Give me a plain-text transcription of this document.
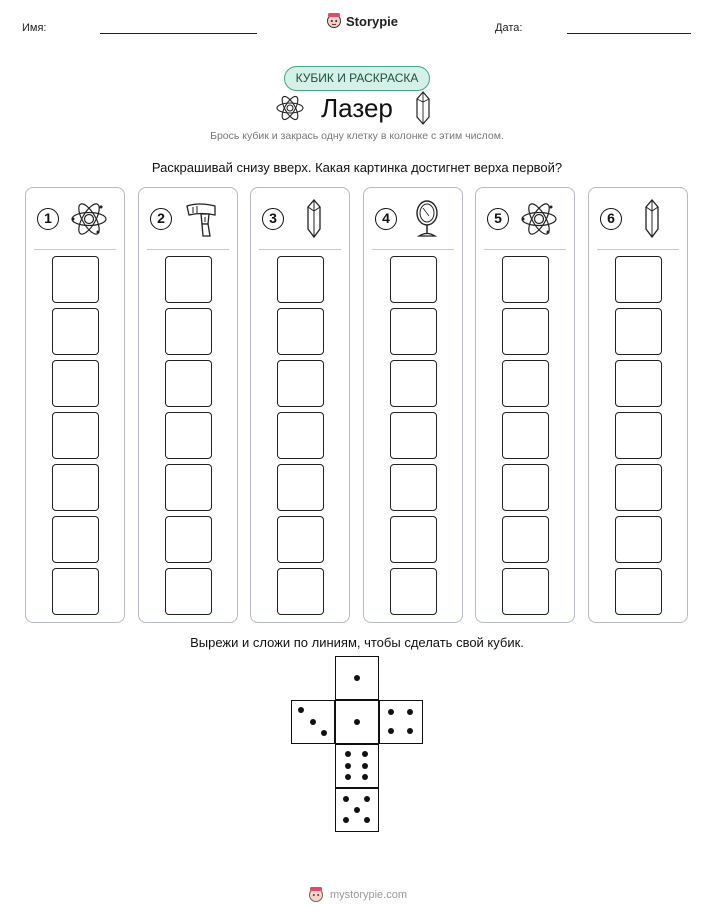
Имя:	Storypie	Дата:
КУБИК И РАСКРАСКА
Лазер
Брось кубик и закрась одну клетку в колонке с этим числом.
Раскрашивай снизу вверх. Какая картинка достигнет верха первой?
1	2	3	4	5	6
Вырежи и сложи по линиям, чтобы сделать свой кубик.
mystorypie.com
